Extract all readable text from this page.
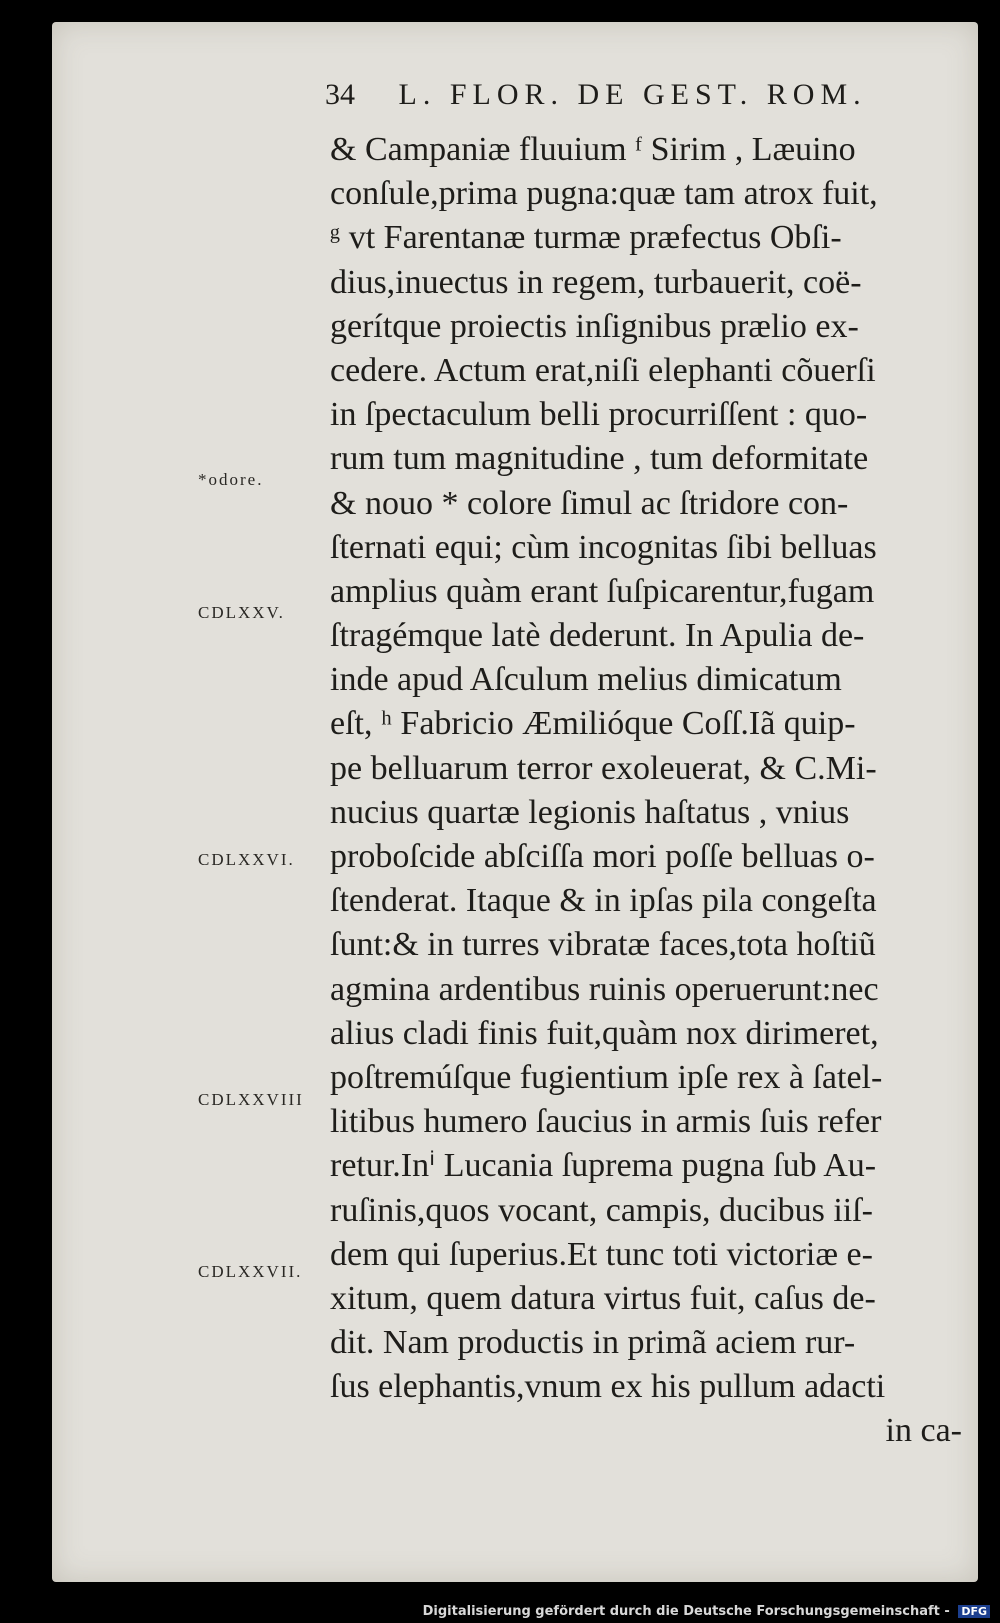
34 L. FLOR. DE GEST. ROM.
& Campaniæ fluuium ᶠ Sirim , Læuino
conſule,prima pugna:quæ tam atrox fuit,
ᵍ vt Farentanæ turmæ præfectus Obſi-
dius,inuectus in regem, turbauerit, coë-
gerítque proiectis inſignibus prælio ex-
cedere. Actum erat,niſi elephanti cõuerſi
in ſpectaculum belli procurriſſent : quo-
rum tum magnitudine , tum deformitate
& nouo * colore ſimul ac ſtridore con-
ſternati equi; cùm incognitas ſibi belluas
amplius quàm erant ſuſpicarentur,fugam
ſtragémque latè dederunt. In Apulia de-
inde apud Aſculum melius dimicatum
eſt, ʰ Fabricio Æmilióque Coſſ.Iã quip-
pe belluarum terror exoleuerat, & C.Mi-
nucius quartæ legionis haſtatus , vnius
proboſcide abſciſſa mori poſſe belluas o-
ſtenderat. Itaque & in ipſas pila congeſta
ſunt:& in turres vibratæ faces,tota hoſtiũ
agmina ardentibus ruinis operuerunt:nec
alius cladi finis fuit,quàm nox dirimeret,
poſtremúſque fugientium ipſe rex à ſatel-
litibus humero ſaucius in armis ſuis refer
retur.Inⁱ Lucania ſuprema pugna ſub Au-
ruſinis,quos vocant, campis, ducibus iiſ-
dem qui ſuperius.Et tunc toti victoriæ e-
xitum, quem datura virtus fuit, caſus de-
dit. Nam productis in primã aciem rur-
ſus elephantis,vnum ex his pullum adacti
in ca-
*odore.
CDLXXV.
CDLXXVI.
CDLXXVIII
CDLXXVII.
Digitalisierung gefördert durch die Deutsche Forschungsgemeinschaft - DFG
